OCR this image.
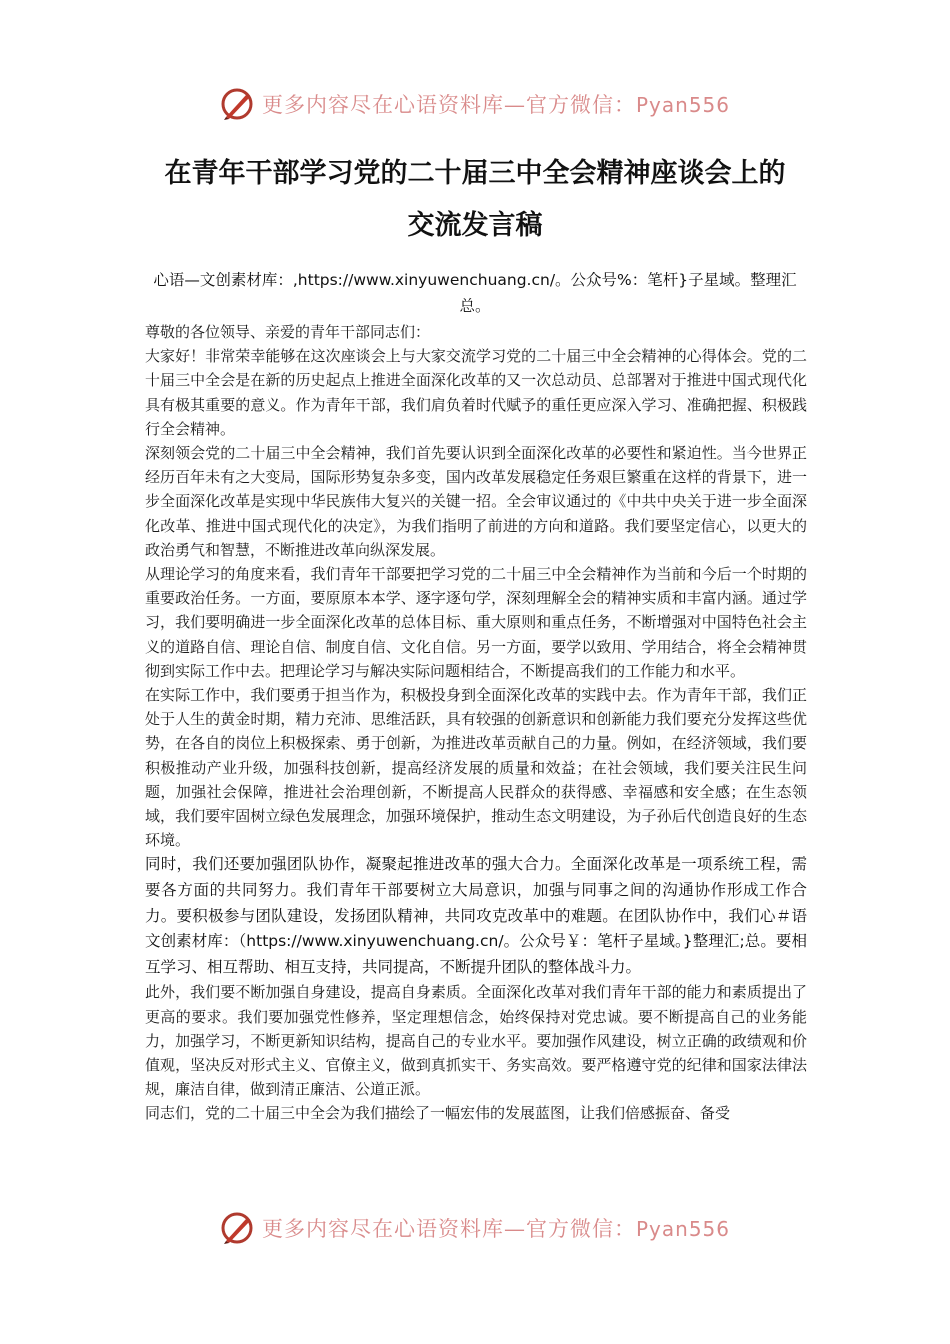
更多内容尽在心语资料库—官方微信：Pyan556
在青年干部学习党的二十届三中全会精神座谈会上的
交流发言稿
心语—文创素材库：,https://www.xinyuwenchuang.cn/。公众号%：笔杆}子星域。整理汇总。

尊敬的各位领导、亲爱的青年干部同志们：

大家好！非常荣幸能够在这次座谈会上与大家交流学习党的二十届三中全会精神的心得体会。党的二十届三中全会是在新的历史起点上推进全面深化改革的又一次总动员、总部署对于推进中国式现代化具有极其重要的意义。作为青年干部，我们肩负着时代赋予的重任更应深入学习、准确把握、积极践行全会精神。

深刻领会党的二十届三中全会精神，我们首先要认识到全面深化改革的必要性和紧迫性。当今世界正经历百年未有之大变局，国际形势复杂多变，国内改革发展稳定任务艰巨繁重在这样的背景下，进一步全面深化改革是实现中华民族伟大复兴的关键一招。全会审议通过的《中共中央关于进一步全面深化改革、推进中国式现代化的决定》，为我们指明了前进的方向和道路。我们要坚定信心，以更大的政治勇气和智慧，不断推进改革向纵深发展。

从理论学习的角度来看，我们青年干部要把学习党的二十届三中全会精神作为当前和今后一个时期的重要政治任务。一方面，要原原本本学、逐字逐句学，深刻理解全会的精神实质和丰富内涵。通过学习，我们要明确进一步全面深化改革的总体目标、重大原则和重点任务，不断增强对中国特色社会主义的道路自信、理论自信、制度自信、文化自信。另一方面，要学以致用、学用结合，将全会精神贯彻到实际工作中去。把理论学习与解决实际问题相结合，不断提高我们的工作能力和水平。

在实际工作中，我们要勇于担当作为，积极投身到全面深化改革的实践中去。作为青年干部，我们正处于人生的黄金时期，精力充沛、思维活跃，具有较强的创新意识和创新能力我们要充分发挥这些优势，在各自的岗位上积极探索、勇于创新，为推进改革贡献自己的力量。例如，在经济领域，我们要积极推动产业升级，加强科技创新，提高经济发展的质量和效益；在社会领域，我们要关注民生问题，加强社会保障，推进社会治理创新，不断提高人民群众的获得感、幸福感和安全感；在生态领域，我们要牢固树立绿色发展理念，加强环境保护，推动生态文明建设，为子孙后代创造良好的生态环境。

同时，我们还要加强团队协作，凝聚起推进改革的强大合力。全面深化改革是一项系统工程，需要各方面的共同努力。我们青年干部要树立大局意识，加强与同事之间的沟通协作形成工作合力。要积极参与团队建设，发扬团队精神，共同攻克改革中的难题。在团队协作中，我们心＃语文创素材库：（https://www.xinyuwenchuang.cn/。公众号￥：笔杆子星域。}整理汇;总。要相互学习、相互帮助、相互支持，共同提高，不断提升团队的整体战斗力。

此外，我们要不断加强自身建设，提高自身素质。全面深化改革对我们青年干部的能力和素质提出了更高的要求。我们要加强党性修养，坚定理想信念，始终保持对党忠诚。要不断提高自己的业务能力，加强学习，不断更新知识结构，提高自己的专业水平。要加强作风建设，树立正确的政绩观和价值观，坚决反对形式主义、官僚主义，做到真抓实干、务实高效。要严格遵守党的纪律和国家法律法规，廉洁自律，做到清正廉洁、公道正派。

同志们，党的二十届三中全会为我们描绘了一幅宏伟的发展蓝图，让我们倍感振奋、备受

更多内容尽在心语资料库—官方微信：Pyan556
